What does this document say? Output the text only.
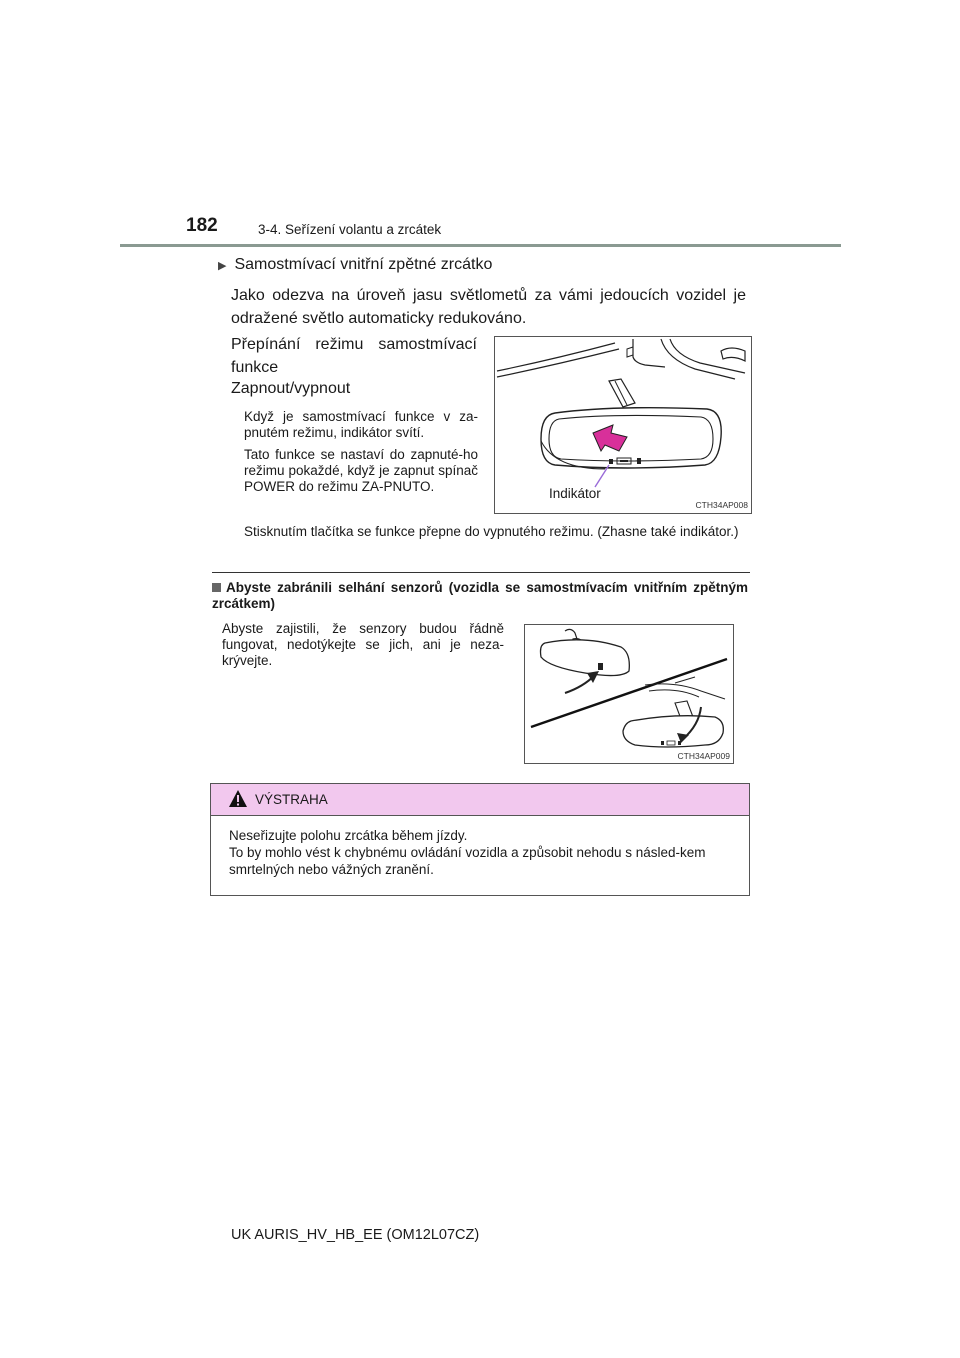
182	3-4. Seřízení volantu a zrcátek
▶ Samostmívací vnitřní zpětné zrcátko
Jako odezva na úroveň jasu světlometů za vámi jedoucích vozidel je odražené světlo automaticky redukováno.
Přepínání režimu samostmívací funkce
Zapnout/vypnout
Když je samostmívací funkce v za-pnutém režimu, indikátor svítí.
Tato funkce se nastaví do zapnuté-ho režimu pokaždé, když je zapnut spínač POWER do režimu ZA-PNUTO.	Indikátor
CTH34AP008
Stisknutím tlačítka se funkce přepne do vypnutého režimu. (Zhasne také indikátor.)
Abyste zabránili selhání senzorů (vozidla se samostmívacím vnitřním zpětným zrcátkem)
Abyste zajistili, že senzory budou řádně fungovat, nedotýkejte se jich, ani je neza-krývejte.
CTH34AP009
VÝSTRAHA
Neseřizujte polohu zrcátka během jízdy.
To by mohlo vést k chybnému ovládání vozidla a způsobit nehodu s násled-kem smrtelných nebo vážných zranění.
UK AURIS_HV_HB_EE (OM12L07CZ)
